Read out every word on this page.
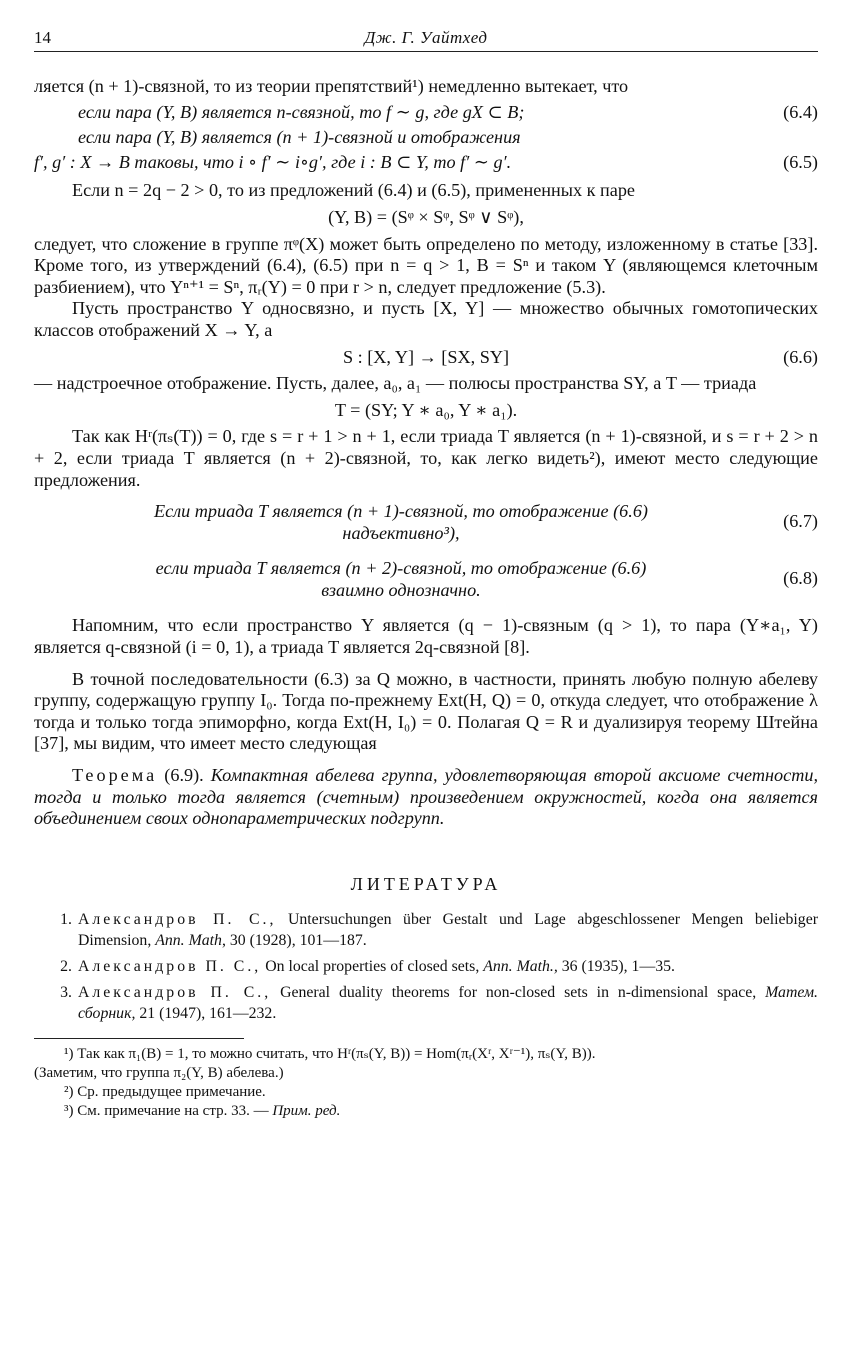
14	Дж. Г. Уайтхед

ляется (n + 1)-связной, то из теории препятствий¹) немедленно вытекает, что

если пара (Y, B) является n-связной, то f ∼ g, где gX ⊂ B;	(6.4)
если пара (Y, B) является (n + 1)-связной и отображения
f′, g′ : X → B таковы, что i ∘ f′ ∼ i∘g′, где i : B ⊂ Y, то f′ ∼ g′.	(6.5)

Если n = 2q − 2 > 0, то из предложений (6.4) и (6.5), примененных к паре

(Y, B) = (Sᵠ × Sᵠ, Sᵠ ∨ Sᵠ),

следует, что сложение в группе πᵠ(X) может быть определено по методу, изложенному в статье [33]. Кроме того, из утверждений (6.4), (6.5) при n = q > 1, B = Sⁿ и таком Y (являющемся клеточным разбиением), что Yⁿ⁺¹ = Sⁿ, πᵣ(Y) = 0 при r > n, следует предложение (5.3).

Пусть пространство Y односвязно, и пусть [X, Y] — множество обычных гомотопических классов отображений X → Y, а

S : [X, Y] → [SX, SY]	(6.6)

— надстроечное отображение. Пусть, далее, a₀, a₁ — полюсы пространства SY, а T — триада

T = (SY; Y ∗ a₀, Y ∗ a₁).

Так как Hʳ(πₛ(T)) = 0, где s = r + 1 > n + 1, если триада T является (n + 1)-связной, и s = r + 2 > n + 2, если триада T является (n + 2)-связной, то, как легко видеть²), имеют место следующие предложения.

Если триада T является (n + 1)-связной, то отображение (6.6)
надъективно³),
(6.7)
если триада T является (n + 2)-связной, то отображение (6.6)
взаимно однозначно.
(6.8)

Напомним, что если пространство Y является (q − 1)-связным (q > 1), то пара (Y∗a₁, Y) является q-связной (i = 0, 1), а триада T является 2q-связной [8].

В точной последовательности (6.3) за Q можно, в частности, принять любую полную абелеву группу, содержащую группу I₀. Тогда по-прежнему Ext(H, Q) = 0, откуда следует, что отображение λ тогда и только тогда эпиморфно, когда Ext(H, I₀) = 0. Полагая Q = R и дуализируя теорему Штейна [37], мы видим, что имеет место следующая

Теорема (6.9). Компактная абелева группа, удовлетворяющая второй аксиоме счетности, тогда и только тогда является (счетным) произведением окружностей, когда она является объединением своих однопараметрических подгрупп.

ЛИТЕРАТУРА
1. Александров П. С., Untersuchungen über Gestalt und Lage abgeschlossener Mengen beliebiger Dimension, Ann. Math, 30 (1928), 101—187.
2. Александров П. С., On local properties of closed sets, Ann. Math., 36 (1935), 1—35.
3. Александров П. С., General duality theorems for non-closed sets in n-dimensional space, Матем. сборник, 21 (1947), 161—232.

¹) Так как π₁(B) = 1, то можно считать, что Hʳ(πₛ(Y, B)) = Hom(πᵣ(Xʳ, Xʳ⁻¹), πₛ(Y, B)).

(Заметим, что группа π₂(Y, B) абелева.)

²) Ср. предыдущее примечание.

³) См. примечание на стр. 33. — Прим. ред.
